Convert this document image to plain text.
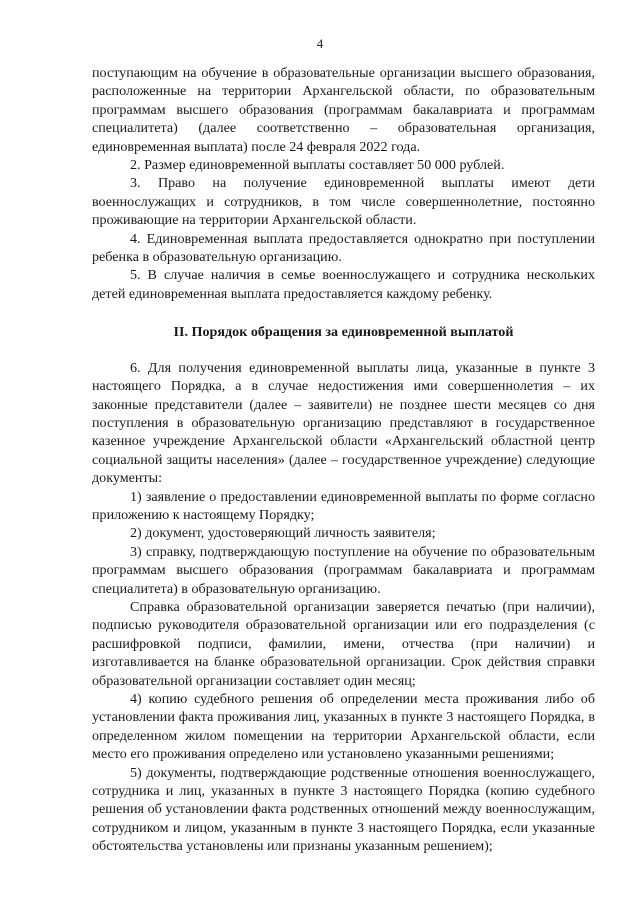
4

поступающим на обучение в образовательные организации высшего образования, расположенные на территории Архангельской области, по образовательным программам высшего образования (программам бакалавриата и программам специалитета) (далее соответственно – образовательная организация, единовременная выплата) после 24 февраля 2022 года.

2. Размер единовременной выплаты составляет 50 000 рублей.

3. Право на получение единовременной выплаты имеют дети военнослужащих и сотрудников, в том числе совершеннолетние, постоянно проживающие на территории Архангельской области.

4. Единовременная выплата предоставляется однократно при поступлении ребенка в образовательную организацию.

5. В случае наличия в семье военнослужащего и сотрудника нескольких детей единовременная выплата предоставляется каждому ребенку.

II. Порядок обращения за единовременной выплатой

6. Для получения единовременной выплаты лица, указанные в пункте 3 настоящего Порядка, а в случае недостижения ими совершеннолетия – их законные представители (далее – заявители) не позднее шести месяцев со дня поступления в образовательную организацию представляют в государственное казенное учреждение Архангельской области «Архангельский областной центр социальной защиты населения» (далее – государственное учреждение) следующие документы:

1) заявление о предоставлении единовременной выплаты по форме согласно приложению к настоящему Порядку;

2) документ, удостоверяющий личность заявителя;

3) справку, подтверждающую поступление на обучение по образовательным программам высшего образования (программам бакалавриата и программам специалитета) в образовательную организацию.

Справка образовательной организации заверяется печатью (при наличии), подписью руководителя образовательной организации или его подразделения (с расшифровкой подписи, фамилии, имени, отчества (при наличии) и изготавливается на бланке образовательной организации. Срок действия справки образовательной организации составляет один месяц;

4) копию судебного решения об определении места проживания либо об установлении факта проживания лиц, указанных в пункте 3 настоящего Порядка, в определенном жилом помещении на территории Архангельской области, если место его проживания определено или установлено указанными решениями;

5) документы, подтверждающие родственные отношения военнослужащего, сотрудника и лиц, указанных в пункте 3 настоящего Порядка (копию судебного решения об установлении факта родственных отношений между военнослужащим, сотрудником и лицом, указанным в пункте 3 настоящего Порядка, если указанные обстоятельства установлены или признаны указанным решением);
